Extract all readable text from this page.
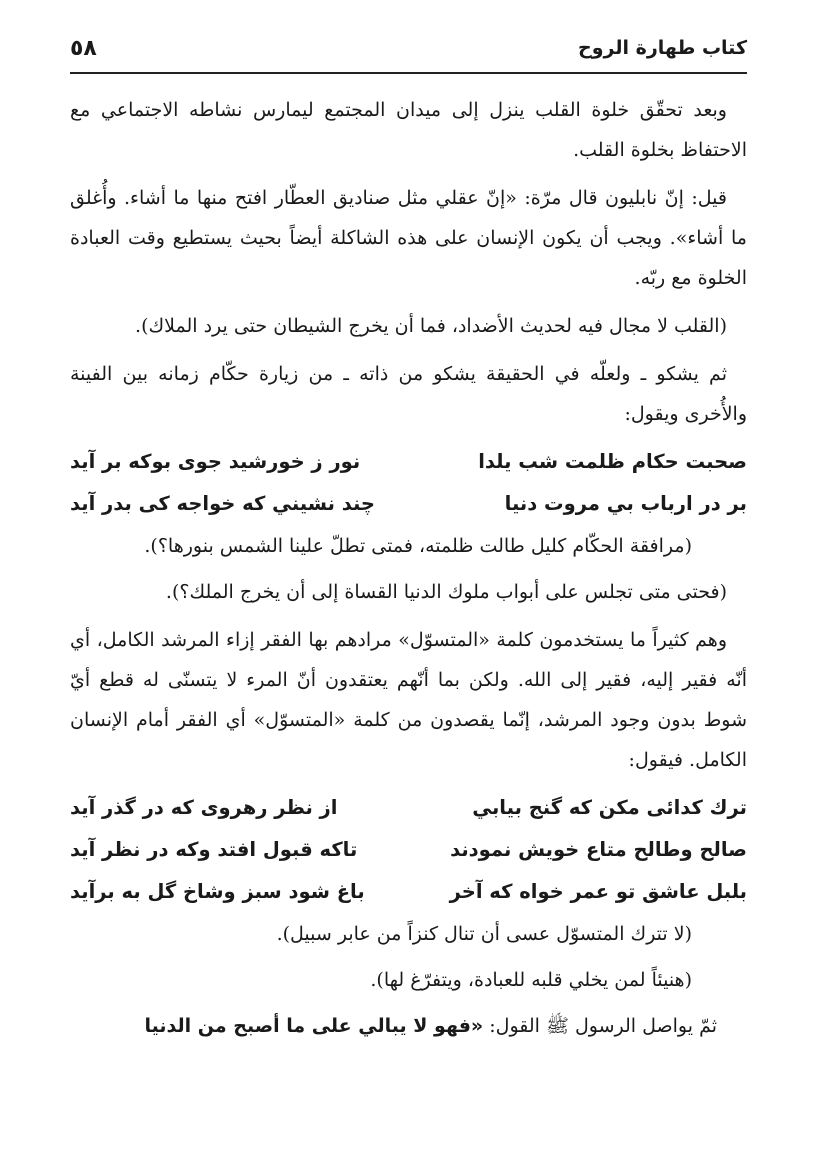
كتاب طهارة الروح
٥٨

وبعد تحقّق خلوة القلب ينزل إلى ميدان المجتمع ليمارس نشاطه الاجتماعي مع الاحتفاظ بخلوة القلب.

قيل: إنّ نابليون قال مرّة: «إنّ عقلي مثل صناديق العطّار افتح منها ما أشاء. وأُغلق ما أشاء». ويجب أن يكون الإنسان على هذه الشاكلة أيضاً بحيث يستطيع وقت العبادة الخلوة مع ربّه.

(القلب لا مجال فيه لحديث الأضداد، فما أن يخرج الشيطان حتى يرد الملاك).

ثم يشكو ـ ولعلّه في الحقيقة يشكو من ذاته ـ من زيارة حكّام زمانه بين الفينة والأُخرى ويقول:

صحبت حكام ظلمت شب يلدا
نور ز خورشيد جوى بوكه بر آيد
بر در ارباب بي مروت دنيا
چند نشيني كه خواجه كى بدر آيد

(مرافقة الحكّام كليل طالت ظلمته، فمتى تطلّ علينا الشمس بنورها؟).

(فحتى متى تجلس على أبواب ملوك الدنيا القساة إلى أن يخرج الملك؟).

وهم كثيراً ما يستخدمون كلمة «المتسوّل» مرادهم بها الفقر إزاء المرشد الكامل، أي أنّه فقير إليه، فقير إلى الله. ولكن بما أنّهم يعتقدون أنّ المرء لا يتسنّى له قطع أيّ شوط بدون وجود المرشد، إنّما يقصدون من كلمة «المتسوّل» أي الفقر أمام الإنسان الكامل. فيقول:

ترك كدائى مكن كه گنج بيابي
از نظر رهروى كه در گذر آيد
صالح وطالح متاع خويش نمودند
تاكه قبول افتد وكه در نظر آيد
بلبل عاشق تو عمر خواه كه آخر
باغ شود سبز وشاخ گل به برآيد

(لا تترك المتسوّل عسى أن تنال كنزاً من عابر سبيل).

(هنيئاً لمن يخلي قلبه للعبادة، ويتفرّغ لها).

ثمّ يواصل الرسول ﷺ القول: «فهو لا يبالي على ما أصبح من الدنيا
